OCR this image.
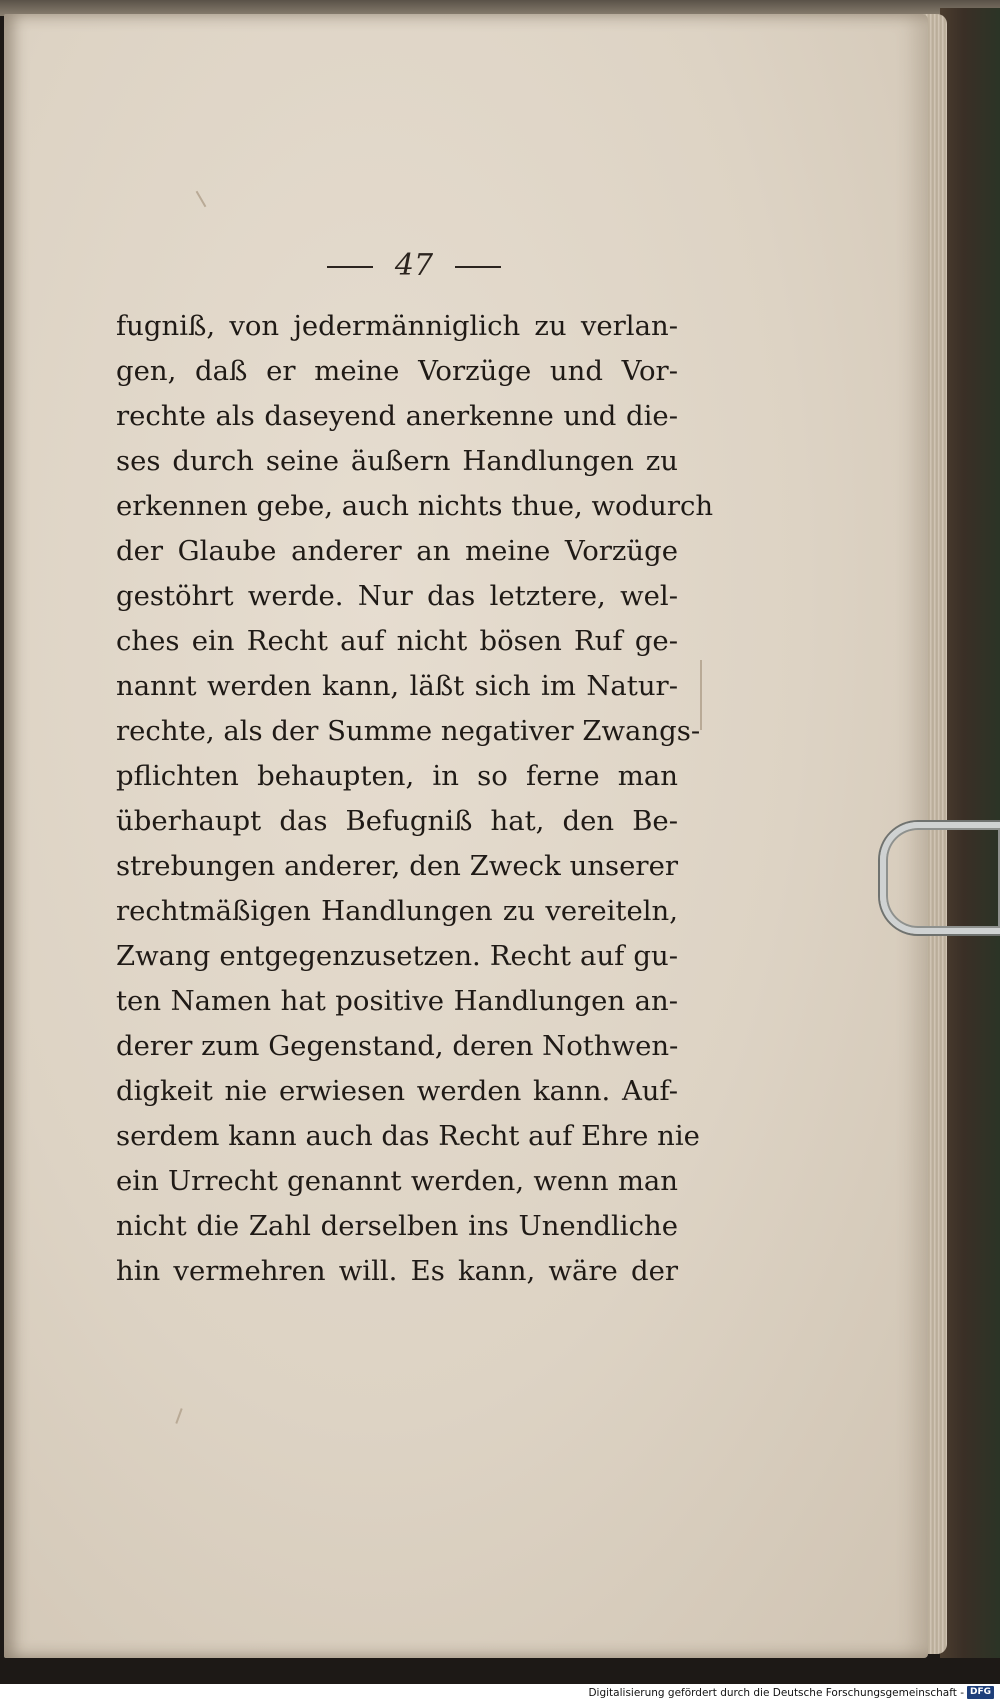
47
fugniß, von jedermänniglich zu verlan-
gen, daß er meine Vorzüge und Vor-
rechte als daseyend anerkenne und die-
ses durch seine äußern Handlungen zu
erkennen gebe, auch nichts thue, wodurch
der Glaube anderer an meine Vorzüge
gestöhrt werde. Nur das letztere, wel-
ches ein Recht auf nicht bösen Ruf ge-
nannt werden kann, läßt sich im Natur-
rechte, als der Summe negativer Zwangs-
pflichten behaupten, in so ferne man
überhaupt das Befugniß hat, den Be-
strebungen anderer, den Zweck unserer
rechtmäßigen Handlungen zu vereiteln,
Zwang entgegenzusetzen. Recht auf gu-
ten Namen hat positive Handlungen an-
derer zum Gegenstand, deren Nothwen-
digkeit nie erwiesen werden kann. Auf-
serdem kann auch das Recht auf Ehre nie
ein Urrecht genannt werden, wenn man
nicht die Zahl derselben ins Unendliche
hin vermehren will. Es kann, wäre der
Digitalisierung gefördert durch die Deutsche Forschungsgemeinschaft - DFG
